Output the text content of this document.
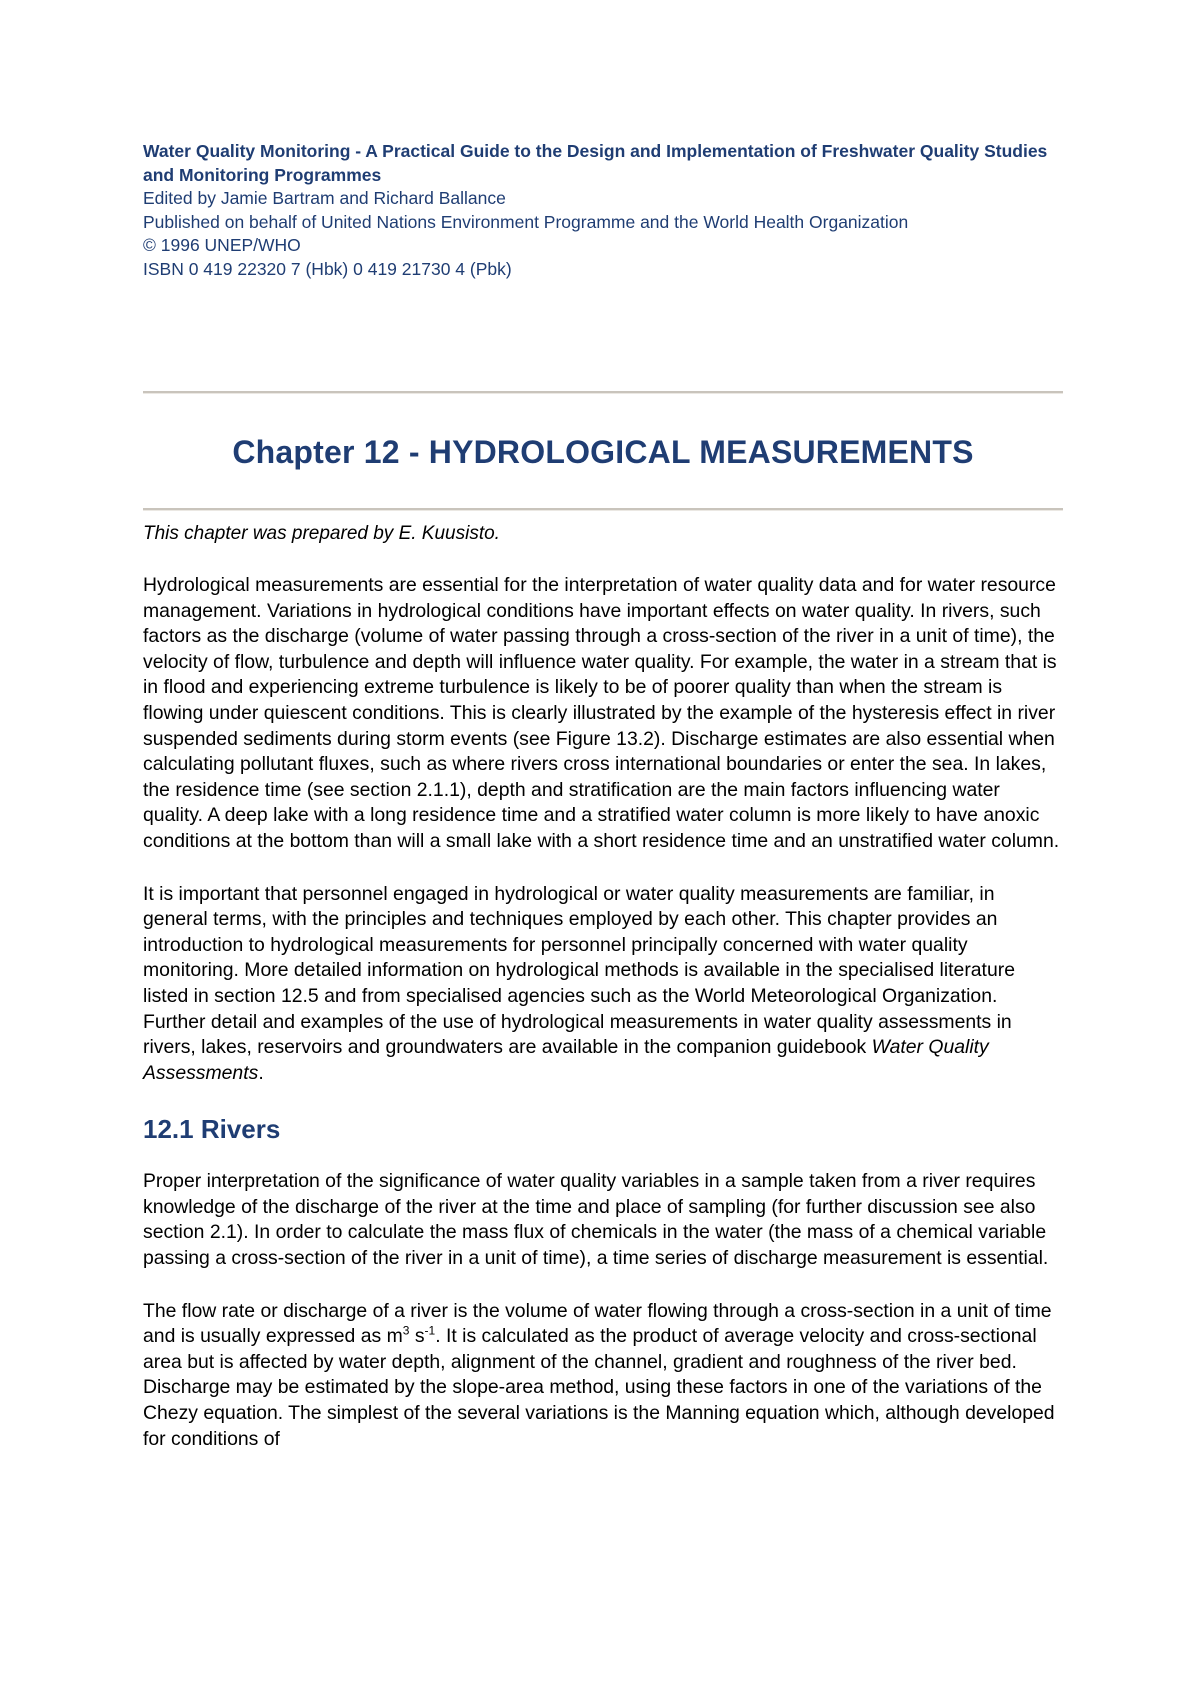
Water Quality Monitoring - A Practical Guide to the Design and Implementation of Freshwater Quality Studies and Monitoring Programmes
Edited by Jamie Bartram and Richard Ballance
Published on behalf of United Nations Environment Programme and the World Health Organization
© 1996 UNEP/WHO
ISBN 0 419 22320 7 (Hbk) 0 419 21730 4 (Pbk)

Chapter 12 - HYDROLOGICAL MEASUREMENTS

This chapter was prepared by E. Kuusisto.

Hydrological measurements are essential for the interpretation of water quality data and for water resource management. Variations in hydrological conditions have important effects on water quality. In rivers, such factors as the discharge (volume of water passing through a cross-section of the river in a unit of time), the velocity of flow, turbulence and depth will influence water quality. For example, the water in a stream that is in flood and experiencing extreme turbulence is likely to be of poorer quality than when the stream is flowing under quiescent conditions. This is clearly illustrated by the example of the hysteresis effect in river suspended sediments during storm events (see Figure 13.2). Discharge estimates are also essential when calculating pollutant fluxes, such as where rivers cross international boundaries or enter the sea. In lakes, the residence time (see section 2.1.1), depth and stratification are the main factors influencing water quality. A deep lake with a long residence time and a stratified water column is more likely to have anoxic conditions at the bottom than will a small lake with a short residence time and an unstratified water column.

It is important that personnel engaged in hydrological or water quality measurements are familiar, in general terms, with the principles and techniques employed by each other. This chapter provides an introduction to hydrological measurements for personnel principally concerned with water quality monitoring. More detailed information on hydrological methods is available in the specialised literature listed in section 12.5 and from specialised agencies such as the World Meteorological Organization. Further detail and examples of the use of hydrological measurements in water quality assessments in rivers, lakes, reservoirs and groundwaters are available in the companion guidebook Water Quality Assessments.

12.1 Rivers

Proper interpretation of the significance of water quality variables in a sample taken from a river requires knowledge of the discharge of the river at the time and place of sampling (for further discussion see also section 2.1). In order to calculate the mass flux of chemicals in the water (the mass of a chemical variable passing a cross-section of the river in a unit of time), a time series of discharge measurement is essential.

The flow rate or discharge of a river is the volume of water flowing through a cross-section in a unit of time and is usually expressed as $m^3$ $s^{-1}$. It is calculated as the product of average velocity and cross-sectional area but is affected by water depth, alignment of the channel, gradient and roughness of the river bed. Discharge may be estimated by the slope-area method, using these factors in one of the variations of the Chezy equation. The simplest of the several variations is the Manning equation which, although developed for conditions of
